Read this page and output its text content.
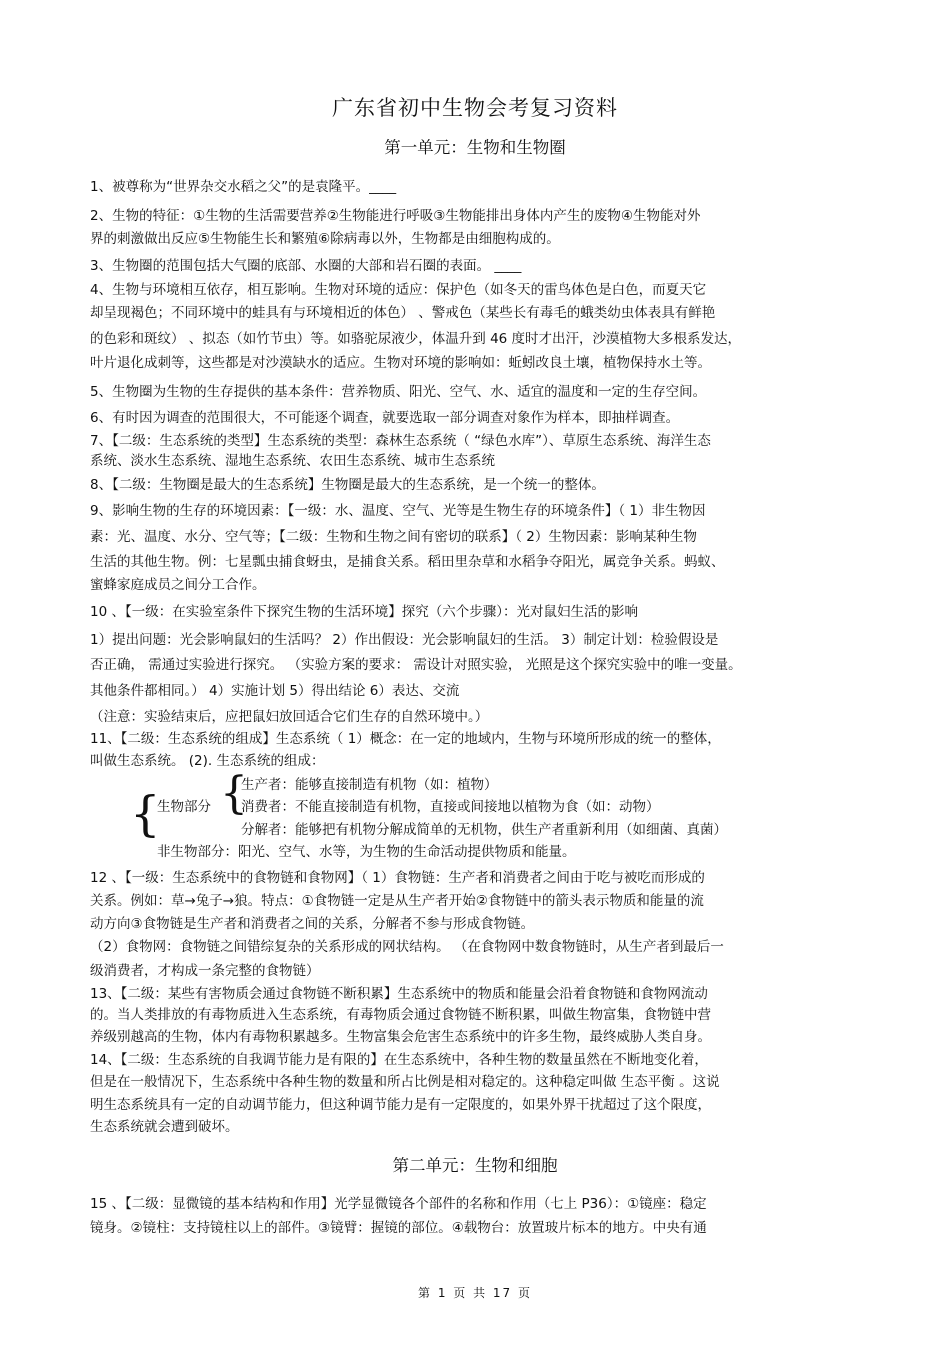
广东省初中生物会考复习资料
第一单元：生物和生物圈
1、被尊称为“世界杂交水稻之父”的是袁隆平。____
2、生物的特征：①生物的生活需要营养②生物能进行呼吸③生物能排出身体内产生的废物④生物能对外
界的刺激做出反应⑤生物能生长和繁殖⑥除病毒以外，生物都是由细胞构成的。
3、生物圈的范围包括大气圈的底部、水圈的大部和岩石圈的表面。 ____
4、生物与环境相互依存，相互影响。生物对环境的适应：保护色（如冬天的雷鸟体色是白色，而夏天它
却呈现褐色；不同环境中的蛙具有与环境相近的体色） 、警戒色（某些长有毒毛的蛾类幼虫体表具有鲜艳
的色彩和斑纹） 、拟态（如竹节虫）等。如骆驼尿液少，体温升到 46 度时才出汗，沙漠植物大多根系发达，
叶片退化成刺等，这些都是对沙漠缺水的适应。生物对环境的影响如：蚯蚓改良土壤，植物保持水土等。
5、生物圈为生物的生存提供的基本条件：营养物质、阳光、空气、水、适宜的温度和一定的生存空间。
6、有时因为调查的范围很大，不可能逐个调查，就要选取一部分调查对象作为样本，即抽样调查。
7、【二级：生态系统的类型】生态系统的类型：森林生态系统（ “绿色水库”）、草原生态系统、海洋生态
系统、淡水生态系统、湿地生态系统、农田生态系统、城市生态系统
8、【二级：生物圈是最大的生态系统】生物圈是最大的生态系统，是一个统一的整体。
9、影响生物的生存的环境因素：【一级：水、温度、空气、光等是生物生存的环境条件】（ 1）非生物因
素：光、温度、水分、空气等；【二级：生物和生物之间有密切的联系】（ 2）生物因素：影响某种生物
生活的其他生物。例：七星瓢虫捕食蚜虫，是捕食关系。稻田里杂草和水稻争夺阳光，属竞争关系。蚂蚁、
蜜蜂家庭成员之间分工合作。
10 、【一级：在实验室条件下探究生物的生活环境】探究（六个步骤）：光对鼠妇生活的影响
1）提出问题：光会影响鼠妇的生活吗？ 2）作出假设：光会影响鼠妇的生活。 3）制定计划：检验假设是
否正确， 需通过实验进行探究。 （实验方案的要求： 需设计对照实验， 光照是这个探究实验中的唯一变量。
其他条件都相同。） 4）实施计划 5）得出结论 6）表达、交流
（注意：实验结束后，应把鼠妇放回适合它们生存的自然环境中。）
11、【二级：生态系统的组成】生态系统（ 1）概念：在一定的地域内，生物与环境所形成的统一的整体，
叫做生态系统。 (2). 生态系统的组成：
{ {
生产者：能够直接制造有机物（如：植物）
生物部分 消费者：不能直接制造有机物，直接或间接地以植物为食（如：动物）
分解者：能够把有机物分解成简单的无机物，供生产者重新利用（如细菌、真菌）
非生物部分：阳光、空气、水等，为生物的生命活动提供物质和能量。
12 、【一级：生态系统中的食物链和食物网】（ 1）食物链：生产者和消费者之间由于吃与被吃而形成的
关系。例如：草→兔子→狼。特点：①食物链一定是从生产者开始②食物链中的箭头表示物质和能量的流
动方向③食物链是生产者和消费者之间的关系，分解者不参与形成食物链。
（2）食物网：食物链之间错综复杂的关系形成的网状结构。 （在食物网中数食物链时，从生产者到最后一
级消费者，才构成一条完整的食物链）
13、【二级：某些有害物质会通过食物链不断积累】生态系统中的物质和能量会沿着食物链和食物网流动
的。当人类排放的有毒物质进入生态系统，有毒物质会通过食物链不断积累，叫做生物富集，食物链中营
养级别越高的生物，体内有毒物积累越多。生物富集会危害生态系统中的许多生物，最终威胁人类自身。
14、【二级：生态系统的自我调节能力是有限的】在生态系统中，各种生物的数量虽然在不断地变化着，
但是在一般情况下，生态系统中各种生物的数量和所占比例是相对稳定的。这种稳定叫做 生态平衡 。这说
明生态系统具有一定的自动调节能力，但这种调节能力是有一定限度的，如果外界干扰超过了这个限度，
生态系统就会遭到破坏。
第二单元：生物和细胞
15 、【二级：显微镜的基本结构和作用】光学显微镜各个部件的名称和作用（七上 P36）：①镜座：稳定
镜身。②镜柱：支持镜柱以上的部件。③镜臂：握镜的部位。④载物台：放置玻片标本的地方。中央有通
第 1 页 共 17 页
